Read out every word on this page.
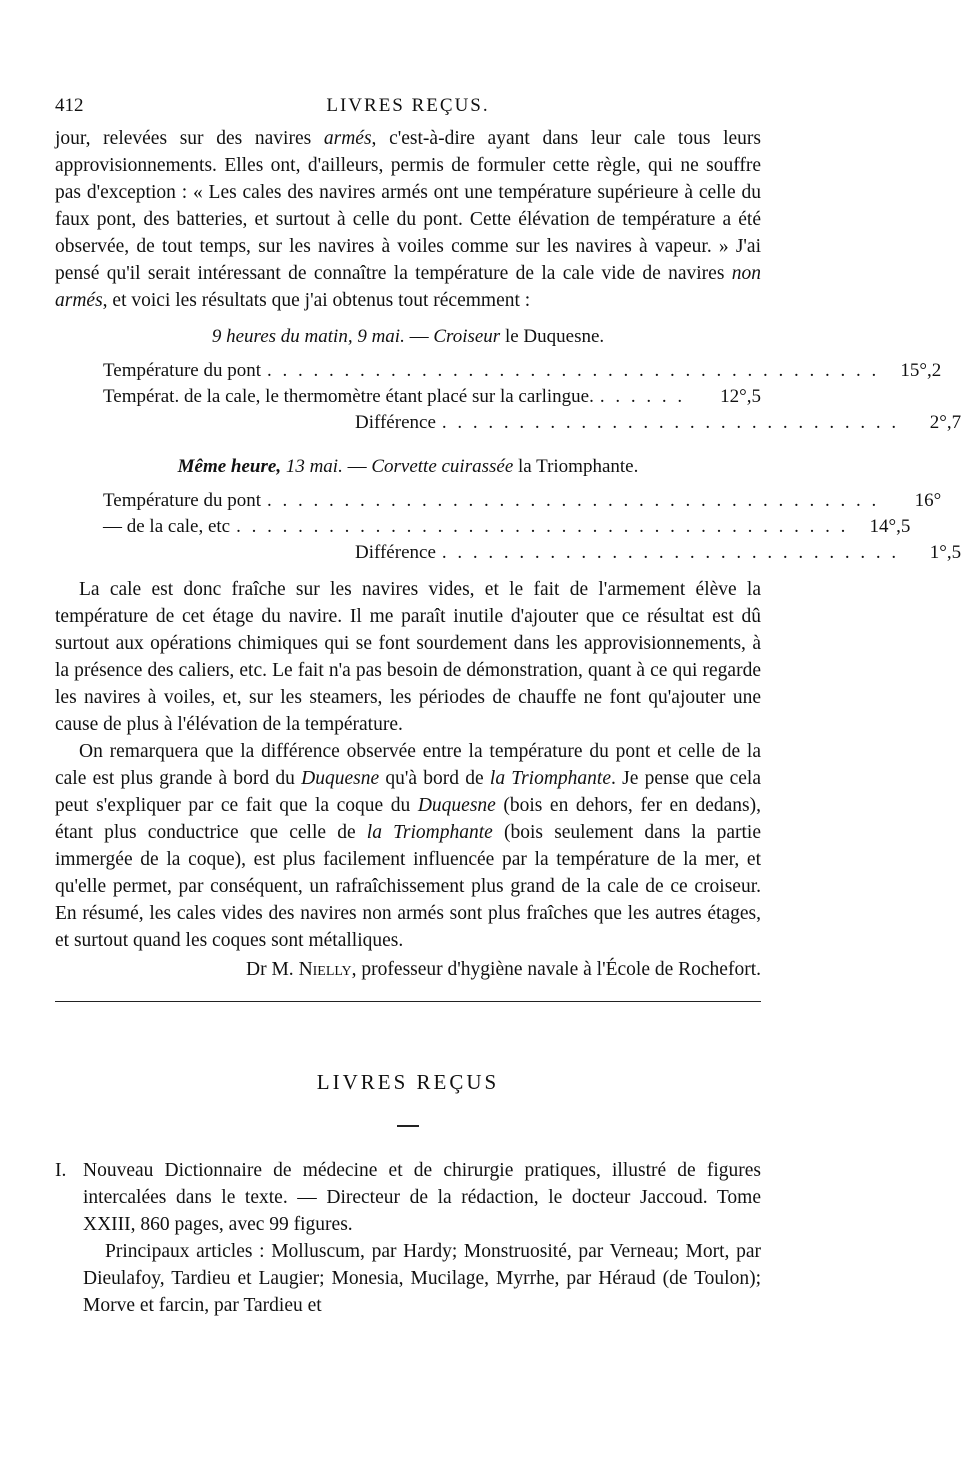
412	LIVRES REÇUS.

jour, relevées sur des navires armés, c'est-à-dire ayant dans leur cale tous leurs approvisionnements. Elles ont, d'ailleurs, permis de formuler cette règle, qui ne souffre pas d'exception : « Les cales des navires armés ont une température supérieure à celle du faux pont, des batteries, et surtout à celle du pont. Cette élévation de température a été observée, de tout temps, sur les navires à voiles comme sur les navires à vapeur. » J'ai pensé qu'il serait intéressant de connaître la température de la cale vide de navires non armés, et voici les résultats que j'ai obtenus tout récemment :

9 heures du matin, 9 mai. — Croiseur le Duquesne.
Température du pont . . . . . . . . . . . . . . . . . . . . . . . . . . . . . . . . . . . . . . . .	15°,2
Températ. de la cale, le thermomètre étant placé sur la carlingue. . . . . . .	12°,5
Différence . . . . . . . . . . . . . . . . . . . . . . . . . . . . . .	2°,7
Même heure, 13 mai. — Corvette cuirassée la Triomphante.
Température du pont . . . . . . . . . . . . . . . . . . . . . . . . . . . . . . . . . . . . . . . .	16°
— de la cale, etc . . . . . . . . . . . . . . . . . . . . . . . . . . . . . . . . . . . . . . . .	14°,5
Différence . . . . . . . . . . . . . . . . . . . . . . . . . . . . . .	1°,5

La cale est donc fraîche sur les navires vides, et le fait de l'armement élève la température de cet étage du navire. Il me paraît inutile d'ajouter que ce résultat est dû surtout aux opérations chimiques qui se font sourdement dans les approvisionnements, à la présence des caliers, etc. Le fait n'a pas besoin de démonstration, quant à ce qui regarde les navires à voiles, et, sur les steamers, les périodes de chauffe ne font qu'ajouter une cause de plus à l'élévation de la température.

On remarquera que la différence observée entre la température du pont et celle de la cale est plus grande à bord du Duquesne qu'à bord de la Triomphante. Je pense que cela peut s'expliquer par ce fait que la coque du Duquesne (bois en dehors, fer en dedans), étant plus conductrice que celle de la Triomphante (bois seulement dans la partie immergée de la coque), est plus facilement influencée par la température de la mer, et qu'elle permet, par conséquent, un rafraîchissement plus grand de la cale de ce croiseur. En résumé, les cales vides des navires non armés sont plus fraîches que les autres étages, et surtout quand les coques sont métalliques.

Dr M. Nielly, professeur d'hygiène navale à l'École de Rochefort.
LIVRES REÇUS

I. Nouveau Dictionnaire de médecine et de chirurgie pratiques, illustré de figures intercalées dans le texte. — Directeur de la rédaction, le docteur Jaccoud. Tome XXIII, 860 pages, avec 99 figures.

Principaux articles : Molluscum, par Hardy; Monstruosité, par Verneau; Mort, par Dieulafoy, Tardieu et Laugier; Monesia, Mucilage, Myrrhe, par Héraud (de Toulon); Morve et farcin, par Tardieu et
